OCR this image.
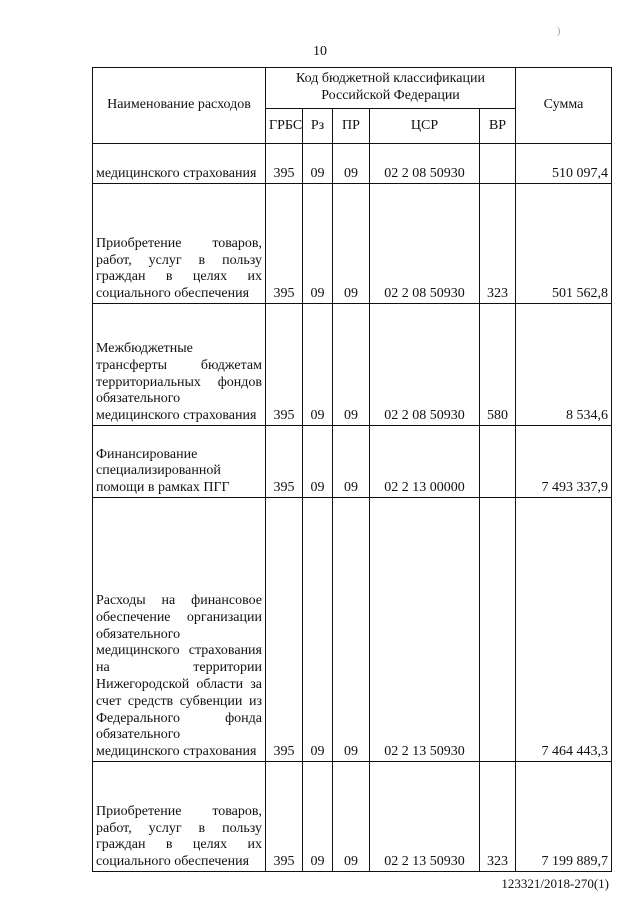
10
)
Наименование расходов	Код бюджетной классификации Российской Федерации					Сумма
	ГРБС	Рз	ПР	ЦСР	ВР	
медицинского страхования	395	09	09	02 2 08 50930		510 097,4
Приобретение товаров, работ, услуг в пользу граждан в целях их социального обеспечения	395	09	09	02 2 08 50930	323	501 562,8
Межбюджетные трансферты бюджетам территориальных фондов обязательного медицинского страхования	395	09	09	02 2 08 50930	580	8 534,6
Финансирование специализированной помощи в рамках ПГГ	395	09	09	02 2 13 00000		7 493 337,9
Расходы на финансовое обеспечение организации обязательного медицинского страхования на территории Нижегородской области за счет средств субвенции из Федерального фонда обязательного медицинского страхования	395	09	09	02 2 13 50930		7 464 443,3
Приобретение товаров, работ, услуг в пользу граждан в целях их социального обеспечения	395	09	09	02 2 13 50930	323	7 199 889,7
123321/2018-270(1)
